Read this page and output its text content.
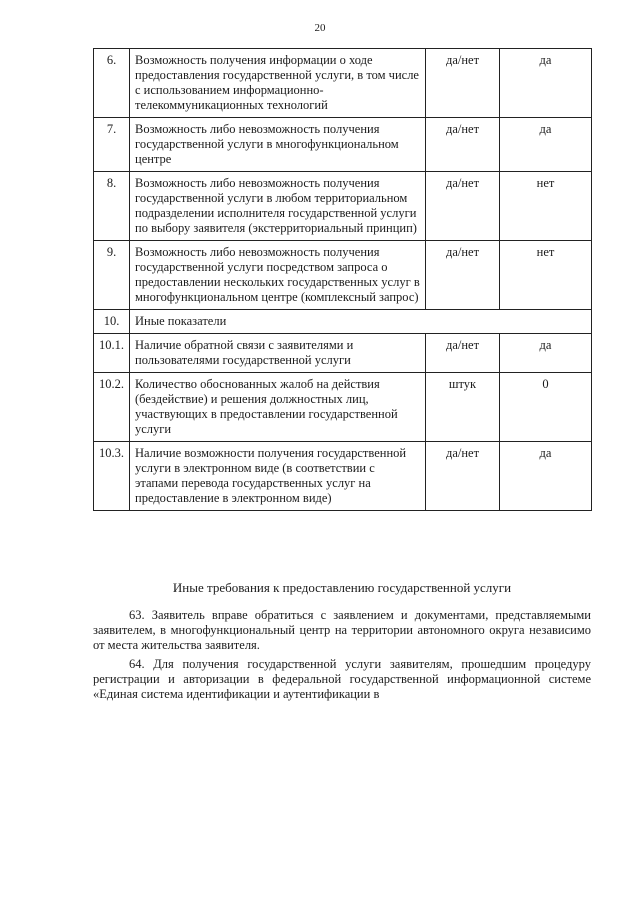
20
6.	Возможность получения информации о ходе предоставления государственной услуги, в том числе с использованием информационно-телекоммуникационных технологий	да/нет	да
7.	Возможность либо невозможность получения государственной услуги в многофункциональном центре	да/нет	да
8.	Возможность либо невозможность получения государственной услуги в любом территориальном подразделении исполнителя государственной услуги по выбору заявителя (экстерриториальный принцип)	да/нет	нет
9.	Возможность либо невозможность получения государственной услуги посредством запроса о предоставлении нескольких государственных услуг в многофункциональном центре (комплексный запрос)	да/нет	нет
10.	Иные показатели		
10.1.	Наличие обратной связи с заявителями и пользователями государственной услуги	да/нет	да
10.2.	Количество обоснованных жалоб на действия (бездействие) и решения должностных лиц, участвующих в предоставлении государственной услуги	штук	0
10.3.	Наличие возможности получения государственной услуги в электронном виде (в соответствии с этапами перевода государственных услуг на предоставление в электронном виде)	да/нет	да
Иные требования к предоставлению государственной услуги

63. Заявитель вправе обратиться с заявлением и документами, представляемыми заявителем, в многофункциональный центр на территории автономного округа независимо от места жительства заявителя.

64. Для получения государственной услуги заявителям, прошедшим процедуру регистрации и авторизации в федеральной государственной информационной системе «Единая система идентификации и аутентификации в
